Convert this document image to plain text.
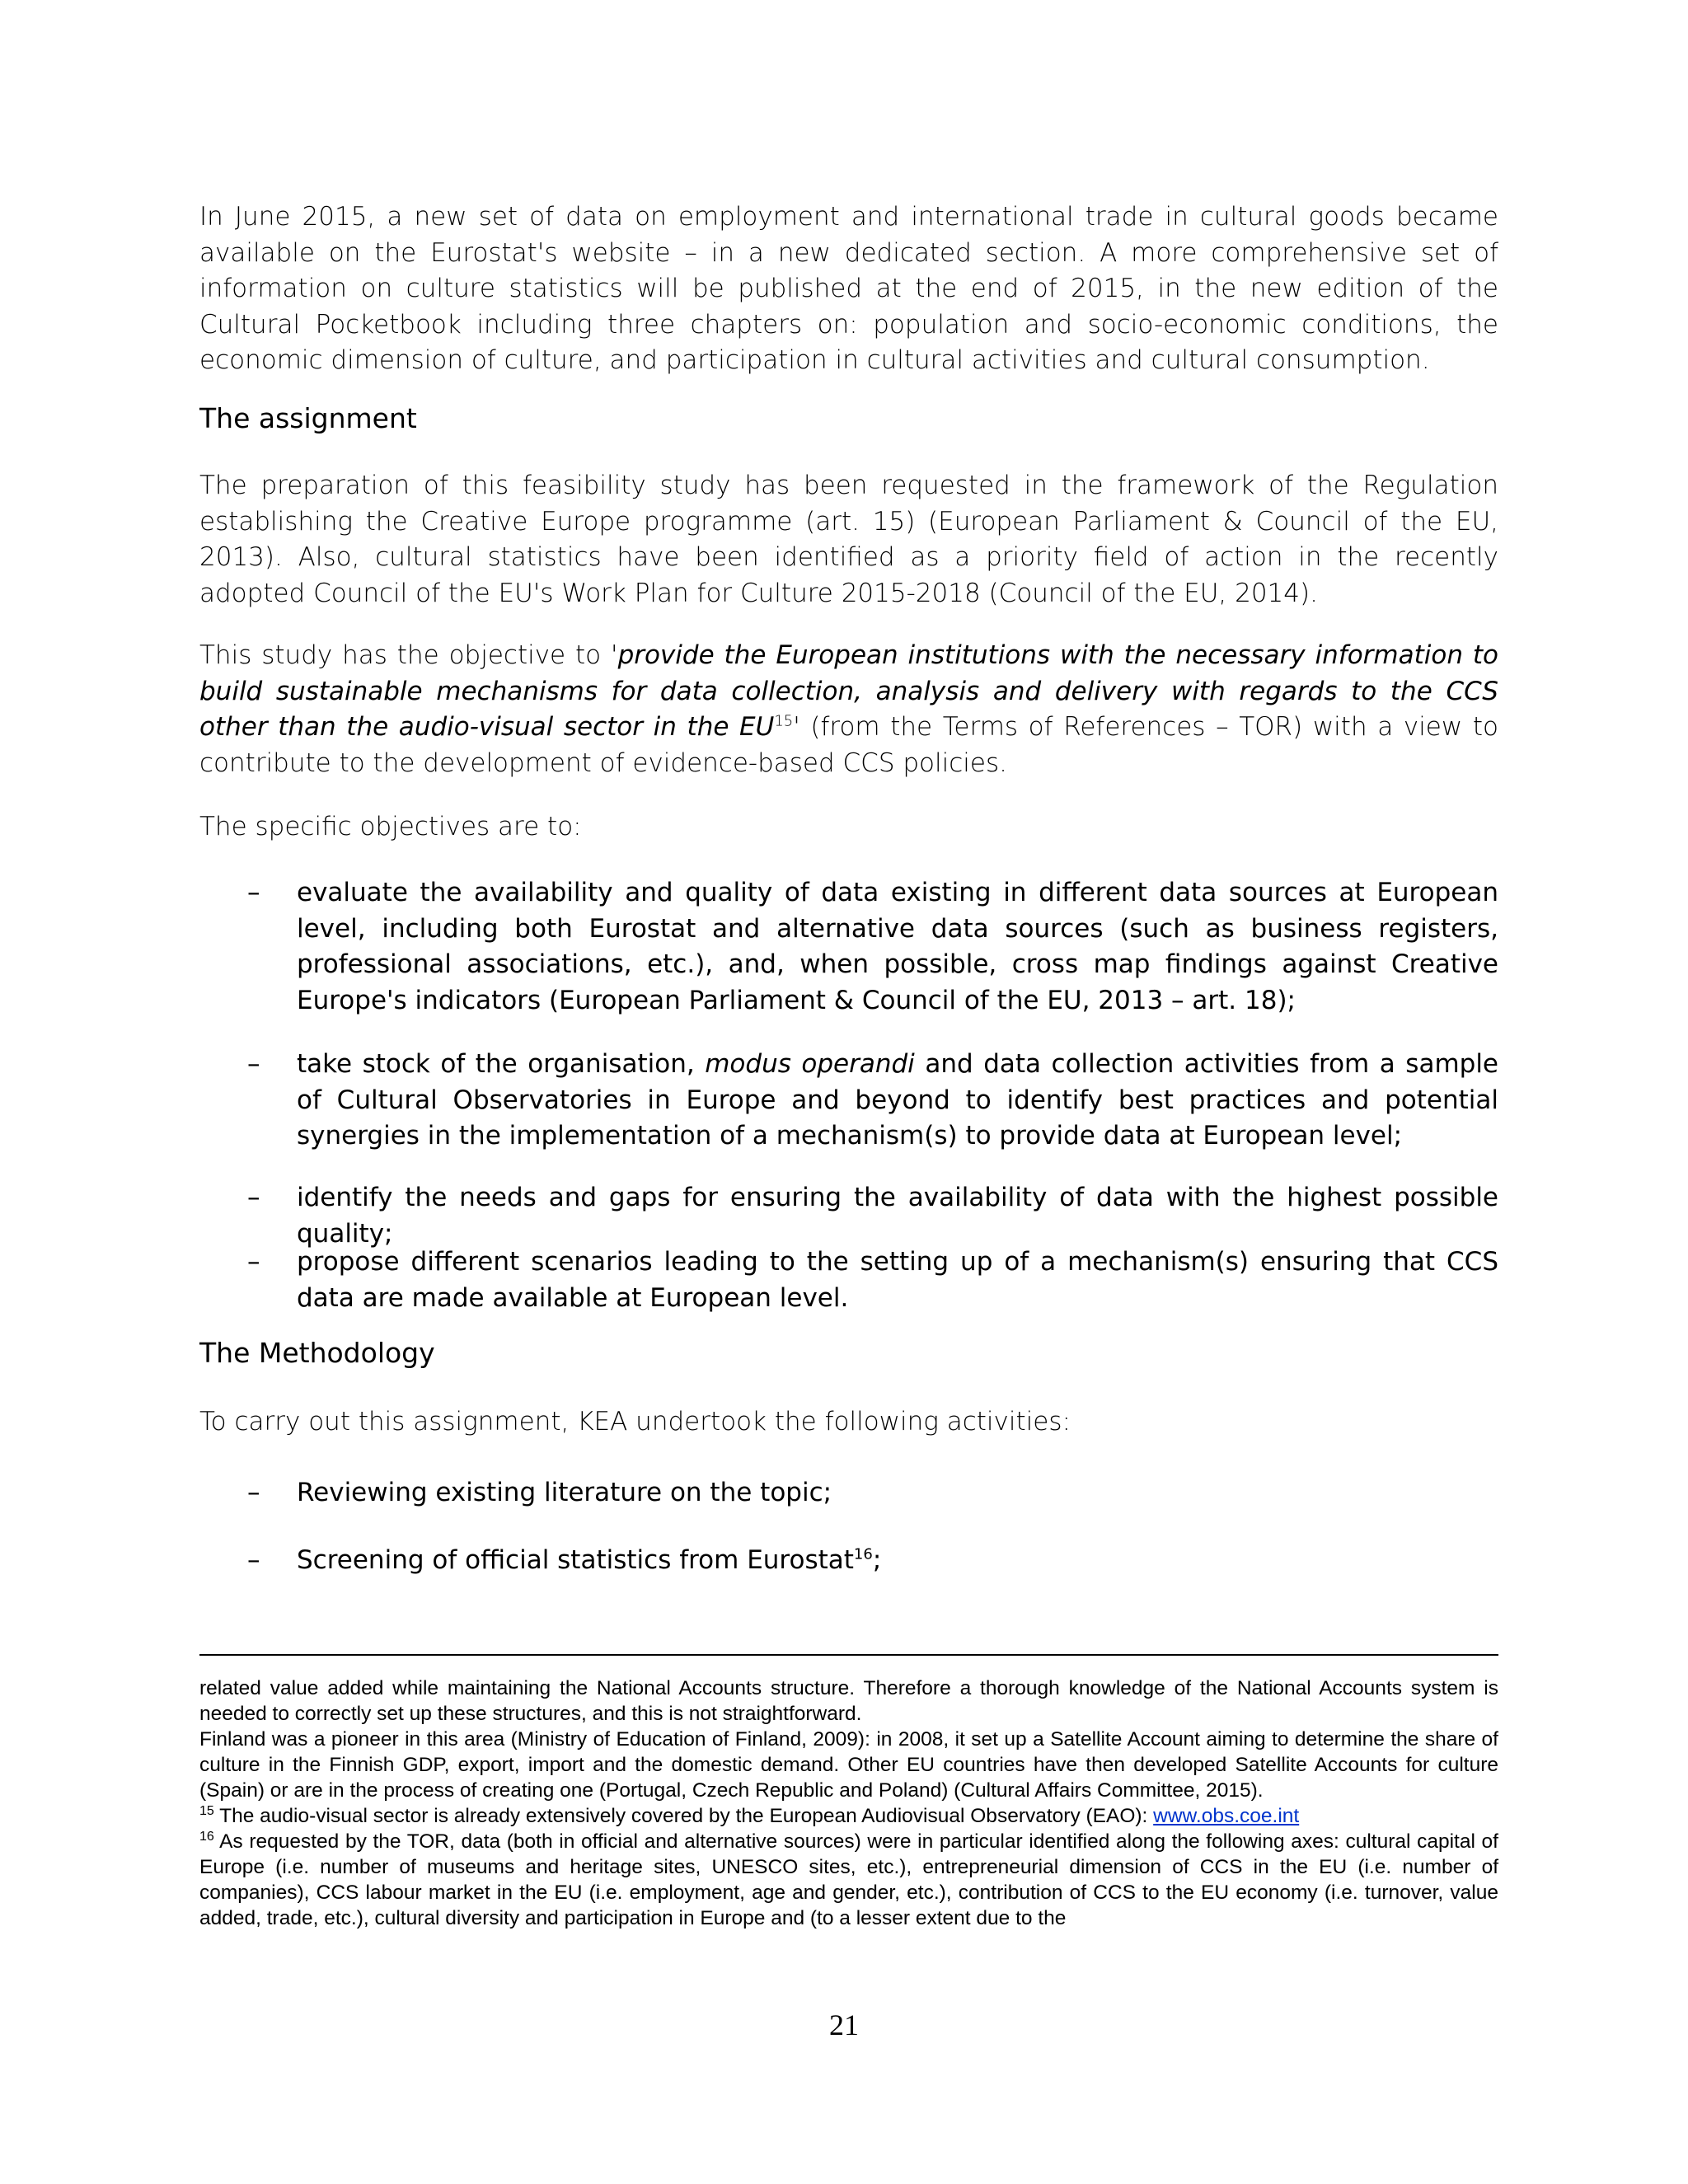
In June 2015, a new set of data on employment and international trade in cultural goods became available on the Eurostat's website – in a new dedicated section. A more comprehensive set of information on culture statistics will be published at the end of 2015, in the new edition of the Cultural Pocketbook including three chapters on: population and socio-economic conditions, the economic dimension of culture, and participation in cultural activities and cultural consumption.

The assignment

The preparation of this feasibility study has been requested in the framework of the Regulation establishing the Creative Europe programme (art. 15) (European Parliament & Council of the EU, 2013). Also, cultural statistics have been identified as a priority field of action in the recently adopted Council of the EU's Work Plan for Culture 2015-2018 (Council of the EU, 2014).

This study has the objective to 'provide the European institutions with the necessary information to build sustainable mechanisms for data collection, analysis and delivery with regards to the CCS other than the audio-visual sector in the EU$^{15}$' (from the Terms of References – TOR) with a view to contribute to the development of evidence-based CCS policies.

The specific objectives are to:
– evaluate the availability and quality of data existing in different data sources at European level, including both Eurostat and alternative data sources (such as business registers, professional associations, etc.), and, when possible, cross map findings against Creative Europe's indicators (European Parliament & Council of the EU, 2013 – art. 18);
– take stock of the organisation, modus operandi and data collection activities from a sample of Cultural Observatories in Europe and beyond to identify best practices and potential synergies in the implementation of a mechanism(s) to provide data at European level;
– identify the needs and gaps for ensuring the availability of data with the highest possible quality;
– propose different scenarios leading to the setting up of a mechanism(s) ensuring that CCS data are made available at European level.
The Methodology
To carry out this assignment, KEA undertook the following activities:
– Reviewing existing literature on the topic;
– Screening of official statistics from Eurostat$^{16}$;

related value added while maintaining the National Accounts structure. Therefore a thorough knowledge of the National Accounts system is needed to correctly set up these structures, and this is not straightforward.

Finland was a pioneer in this area (Ministry of Education of Finland, 2009): in 2008, it set up a Satellite Account aiming to determine the share of culture in the Finnish GDP, export, import and the domestic demand. Other EU countries have then developed Satellite Accounts for culture (Spain) or are in the process of creating one (Portugal, Czech Republic and Poland) (Cultural Affairs Committee, 2015).

$^{15}$ The audio-visual sector is already extensively covered by the European Audiovisual Observatory (EAO): www.obs.coe.int

$^{16}$ As requested by the TOR, data (both in official and alternative sources) were in particular identified along the following axes: cultural capital of Europe (i.e. number of museums and heritage sites, UNESCO sites, etc.), entrepreneurial dimension of CCS in the EU (i.e. number of companies), CCS labour market in the EU (i.e. employment, age and gender, etc.), contribution of CCS to the EU economy (i.e. turnover, value added, trade, etc.), cultural diversity and participation in Europe and (to a lesser extent due to the

21
